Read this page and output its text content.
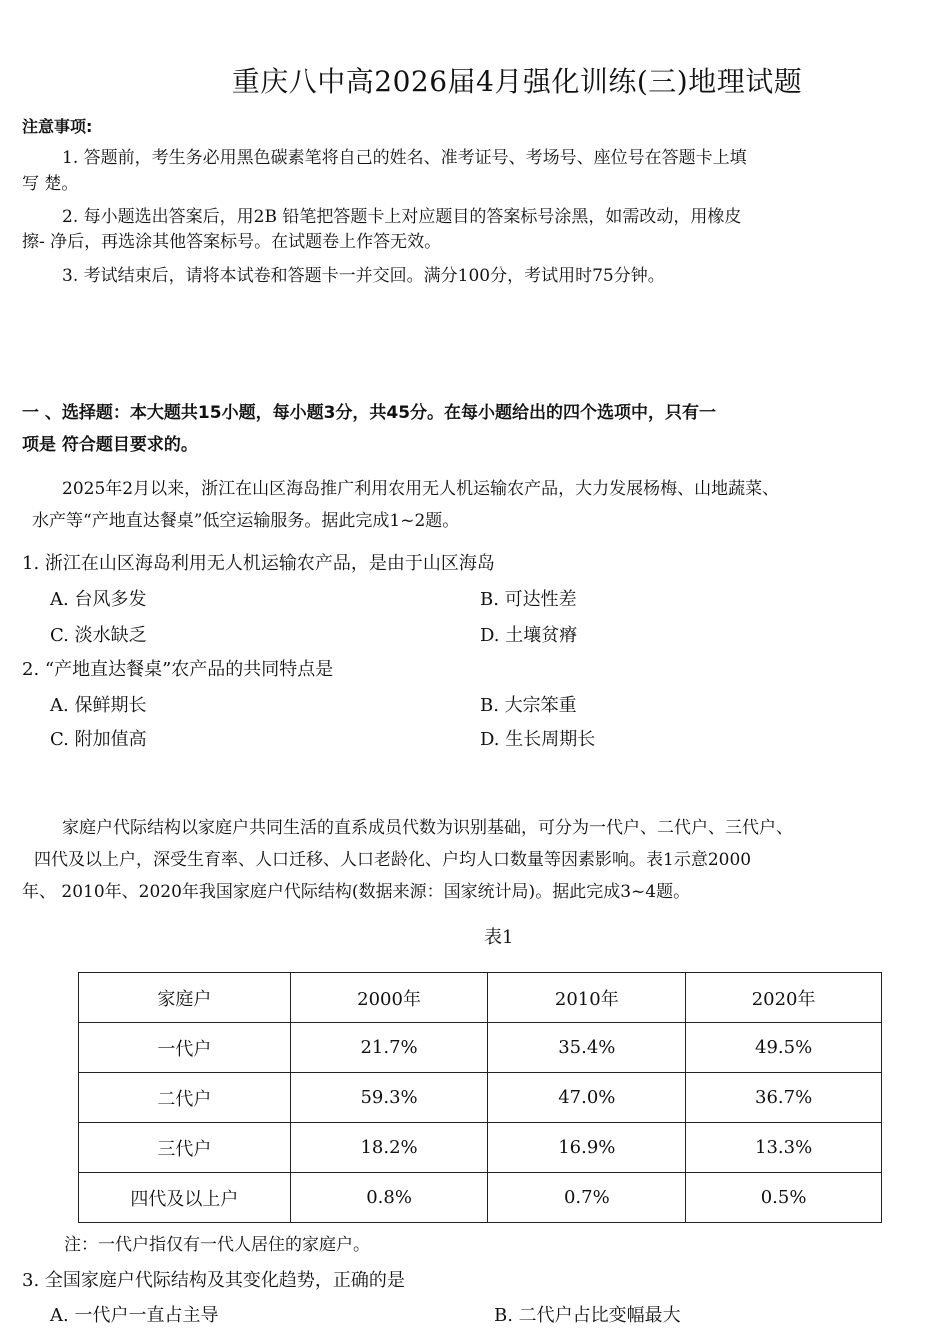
重庆八中高2026届4月强化训练(三)地理试题
注意事项:
1. 答题前，考生务必用黑色碳素笔将自己的姓名、准考证号、考场号、座位号在答题卡上填
写 楚。
2. 每小题选出答案后，用2B 铅笔把答题卡上对应题目的答案标号涂黑，如需改动，用橡皮
擦- 净后，再选涂其他答案标号。在试题卷上作答无效。
3. 考试结束后，请将本试卷和答题卡一并交回。满分100分，考试用时75分钟。
一 、选择题：本大题共15小题，每小题3分，共45分。在每小题给出的四个选项中，只有一
项是 符合题目要求的。
2025年2月以来，浙江在山区海岛推广利用农用无人机运输农产品，大力发展杨梅、山地蔬菜、
水产等“产地直达餐桌”低空运输服务。据此完成1~2题。
1. 浙江在山区海岛利用无人机运输农产品，是由于山区海岛
A. 台风多发	B. 可达性差
C. 淡水缺乏	D. 土壤贫瘠
2. “产地直达餐桌”农产品的共同特点是
A. 保鲜期长	B. 大宗笨重
C. 附加值高	D. 生长周期长
家庭户代际结构以家庭户共同生活的直系成员代数为识别基础，可分为一代户、二代户、三代户、
四代及以上户，深受生育率、人口迁移、人口老龄化、户均人口数量等因素影响。表1示意2000
年、 2010年、2020年我国家庭户代际结构(数据来源：国家统计局)。据此完成3~4题。
表1
家庭户	2000年	2010年	2020年
一代户	21.7%	35.4%	49.5%
二代户	59.3%	47.0%	36.7%
三代户	18.2%	16.9%	13.3%
四代及以上户	0.8%	0.7%	0.5%
注：一代户指仅有一代人居住的家庭户。
3. 全国家庭户代际结构及其变化趋势，正确的是
A. 一代户一直占主导	B. 二代户占比变幅最大
